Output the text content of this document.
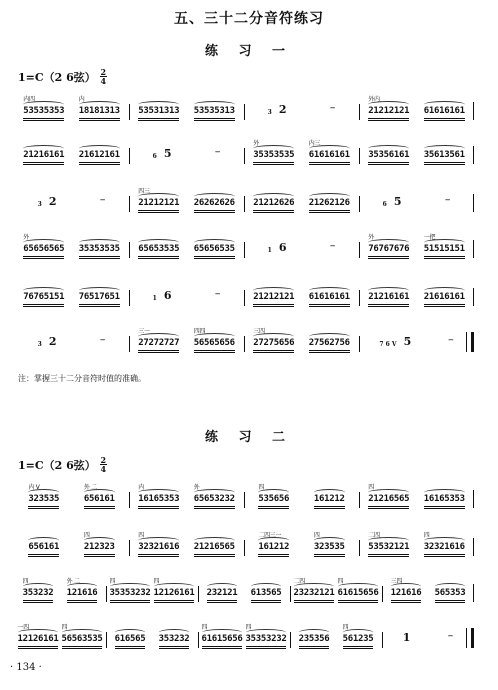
五、三十二分音符练习
练 习 一
1=C（2 6弦） $\frac{2}{4}$
内四
53535353
内
18181313 53531313 53535313	3 2	–
外内
21212121 61616161
21216161 21612161	6 5	–
外
35353535
内三
61616161 35356161 35613561
3 2	–
四三
21212121 26262626 21212626 21262126	6 5	–
外
65656565 35353535 65653535 65656535	1 6	–
外
76767676
一把
51515151
76765151 76517651	1 6	–	21212121 61616161 21216161 21616161
3 2	–
三一
27272727
四四
56565656
三四
27275656 27562756	7 6 V 5	–
注：掌握三十二分音符时值的准确。
练 习 二
1=C（2 6弦） $\frac{2}{4}$
内 V
323535
外 二
656161
内
16165353
外
65653232
四
535656	161212
四
21216565 16165353
656161
四
212323
四
32321616 21216565
二四三一
161212
四
323535
二四
53532121
四
32321616
四
353232
外 二
121616
四
35353232
四
12126161 232121 613565
二四
23232121
四
61615656
三四
121616 565353
一四
12126161
四
56563535 616565 353232
四
61615656
四
35353232 235356
四
561235	1	–
· 134 ·
